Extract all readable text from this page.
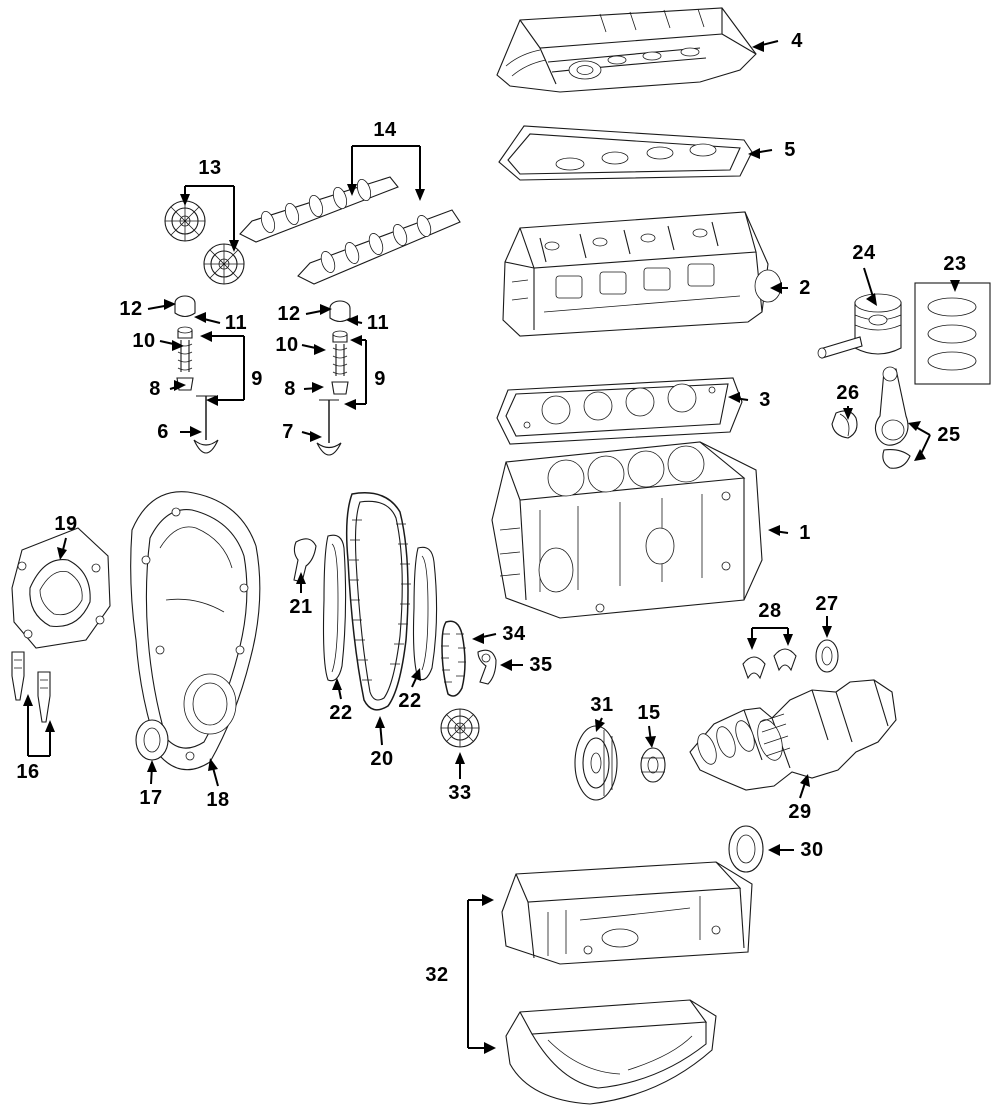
1
2
3
4
5
6	7
8	8
9	9
10	10
11	11
12	12
13
14
15
16
17 18
19
20
21
22
22
23
24
25
26
27
28
29
30
31
32
33
34
35
